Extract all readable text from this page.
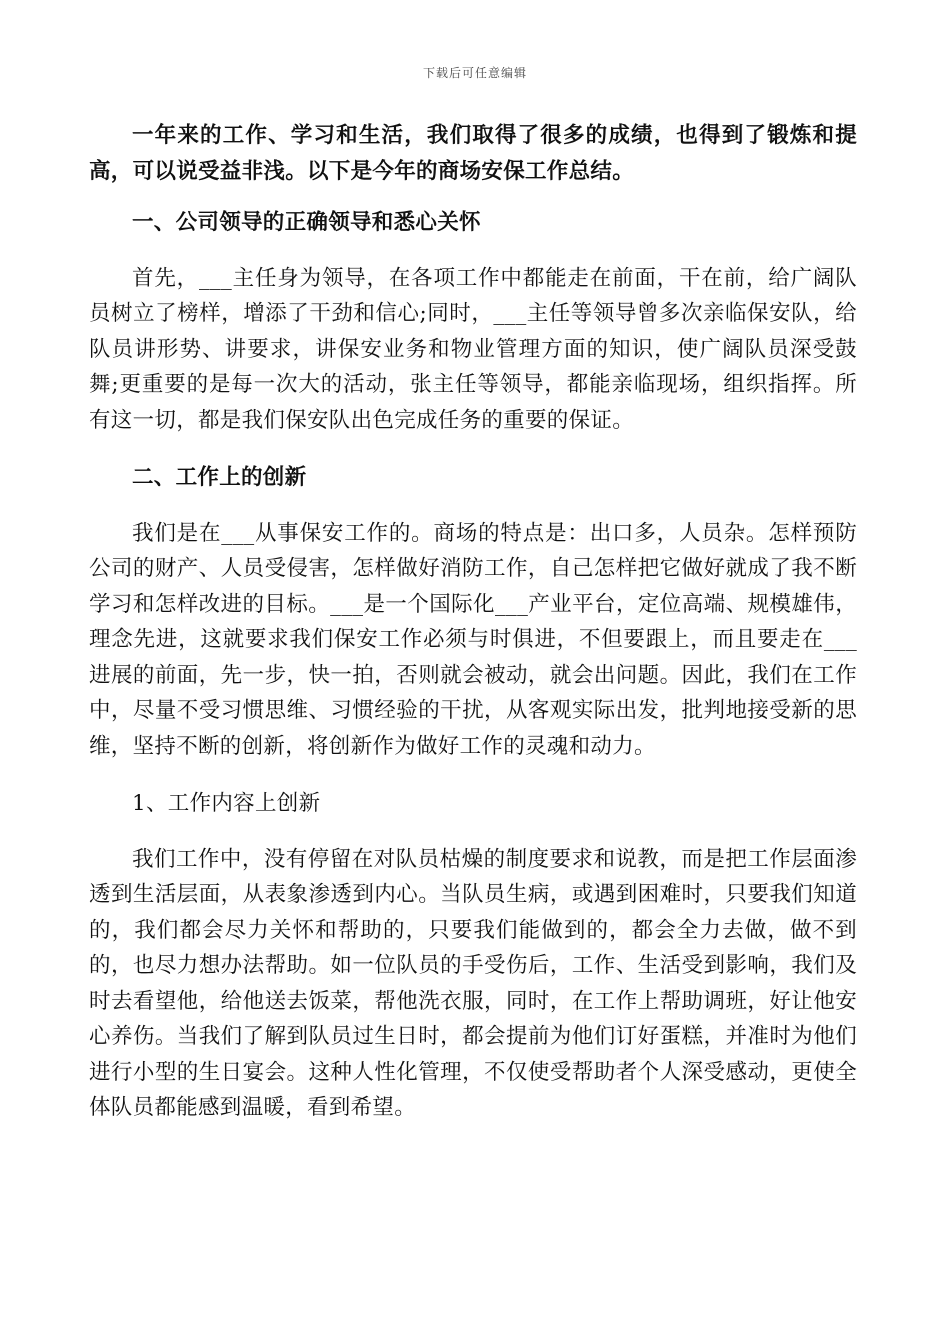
下载后可任意编辑

一年来的工作、学习和生活，我们取得了很多的成绩，也得到了锻炼和提高，可以说受益非浅。以下是今年的商场安保工作总结。

一、公司领导的正确领导和悉心关怀

首先，___主任身为领导，在各项工作中都能走在前面，干在前，给广阔队员树立了榜样，增添了干劲和信心;同时，___主任等领导曾多次亲临保安队，给队员讲形势、讲要求，讲保安业务和物业管理方面的知识，使广阔队员深受鼓舞;更重要的是每一次大的活动，张主任等领导，都能亲临现场，组织指挥。所有这一切，都是我们保安队出色完成任务的重要的保证。

二、工作上的创新

我们是在___从事保安工作的。商场的特点是：出口多，人员杂。怎样预防公司的财产、人员受侵害，怎样做好消防工作，自己怎样把它做好就成了我不断学习和怎样改进的目标。___是一个国际化___产业平台，定位高端、规模雄伟，理念先进，这就要求我们保安工作必须与时俱进，不但要跟上，而且要走在___进展的前面，先一步，快一拍，否则就会被动，就会出问题。因此，我们在工作中，尽量不受习惯思维、习惯经验的干扰，从客观实际出发，批判地接受新的思维，坚持不断的创新，将创新作为做好工作的灵魂和动力。

1、工作内容上创新

我们工作中，没有停留在对队员枯燥的制度要求和说教，而是把工作层面渗透到生活层面，从表象渗透到内心。当队员生病，或遇到困难时，只要我们知道的，我们都会尽力关怀和帮助的，只要我们能做到的，都会全力去做，做不到的，也尽力想办法帮助。如一位队员的手受伤后，工作、生活受到影响，我们及时去看望他，给他送去饭菜，帮他洗衣服，同时，在工作上帮助调班，好让他安心养伤。当我们了解到队员过生日时，都会提前为他们订好蛋糕，并准时为他们进行小型的生日宴会。这种人性化管理，不仅使受帮助者个人深受感动，更使全体队员都能感到温暖，看到希望。
